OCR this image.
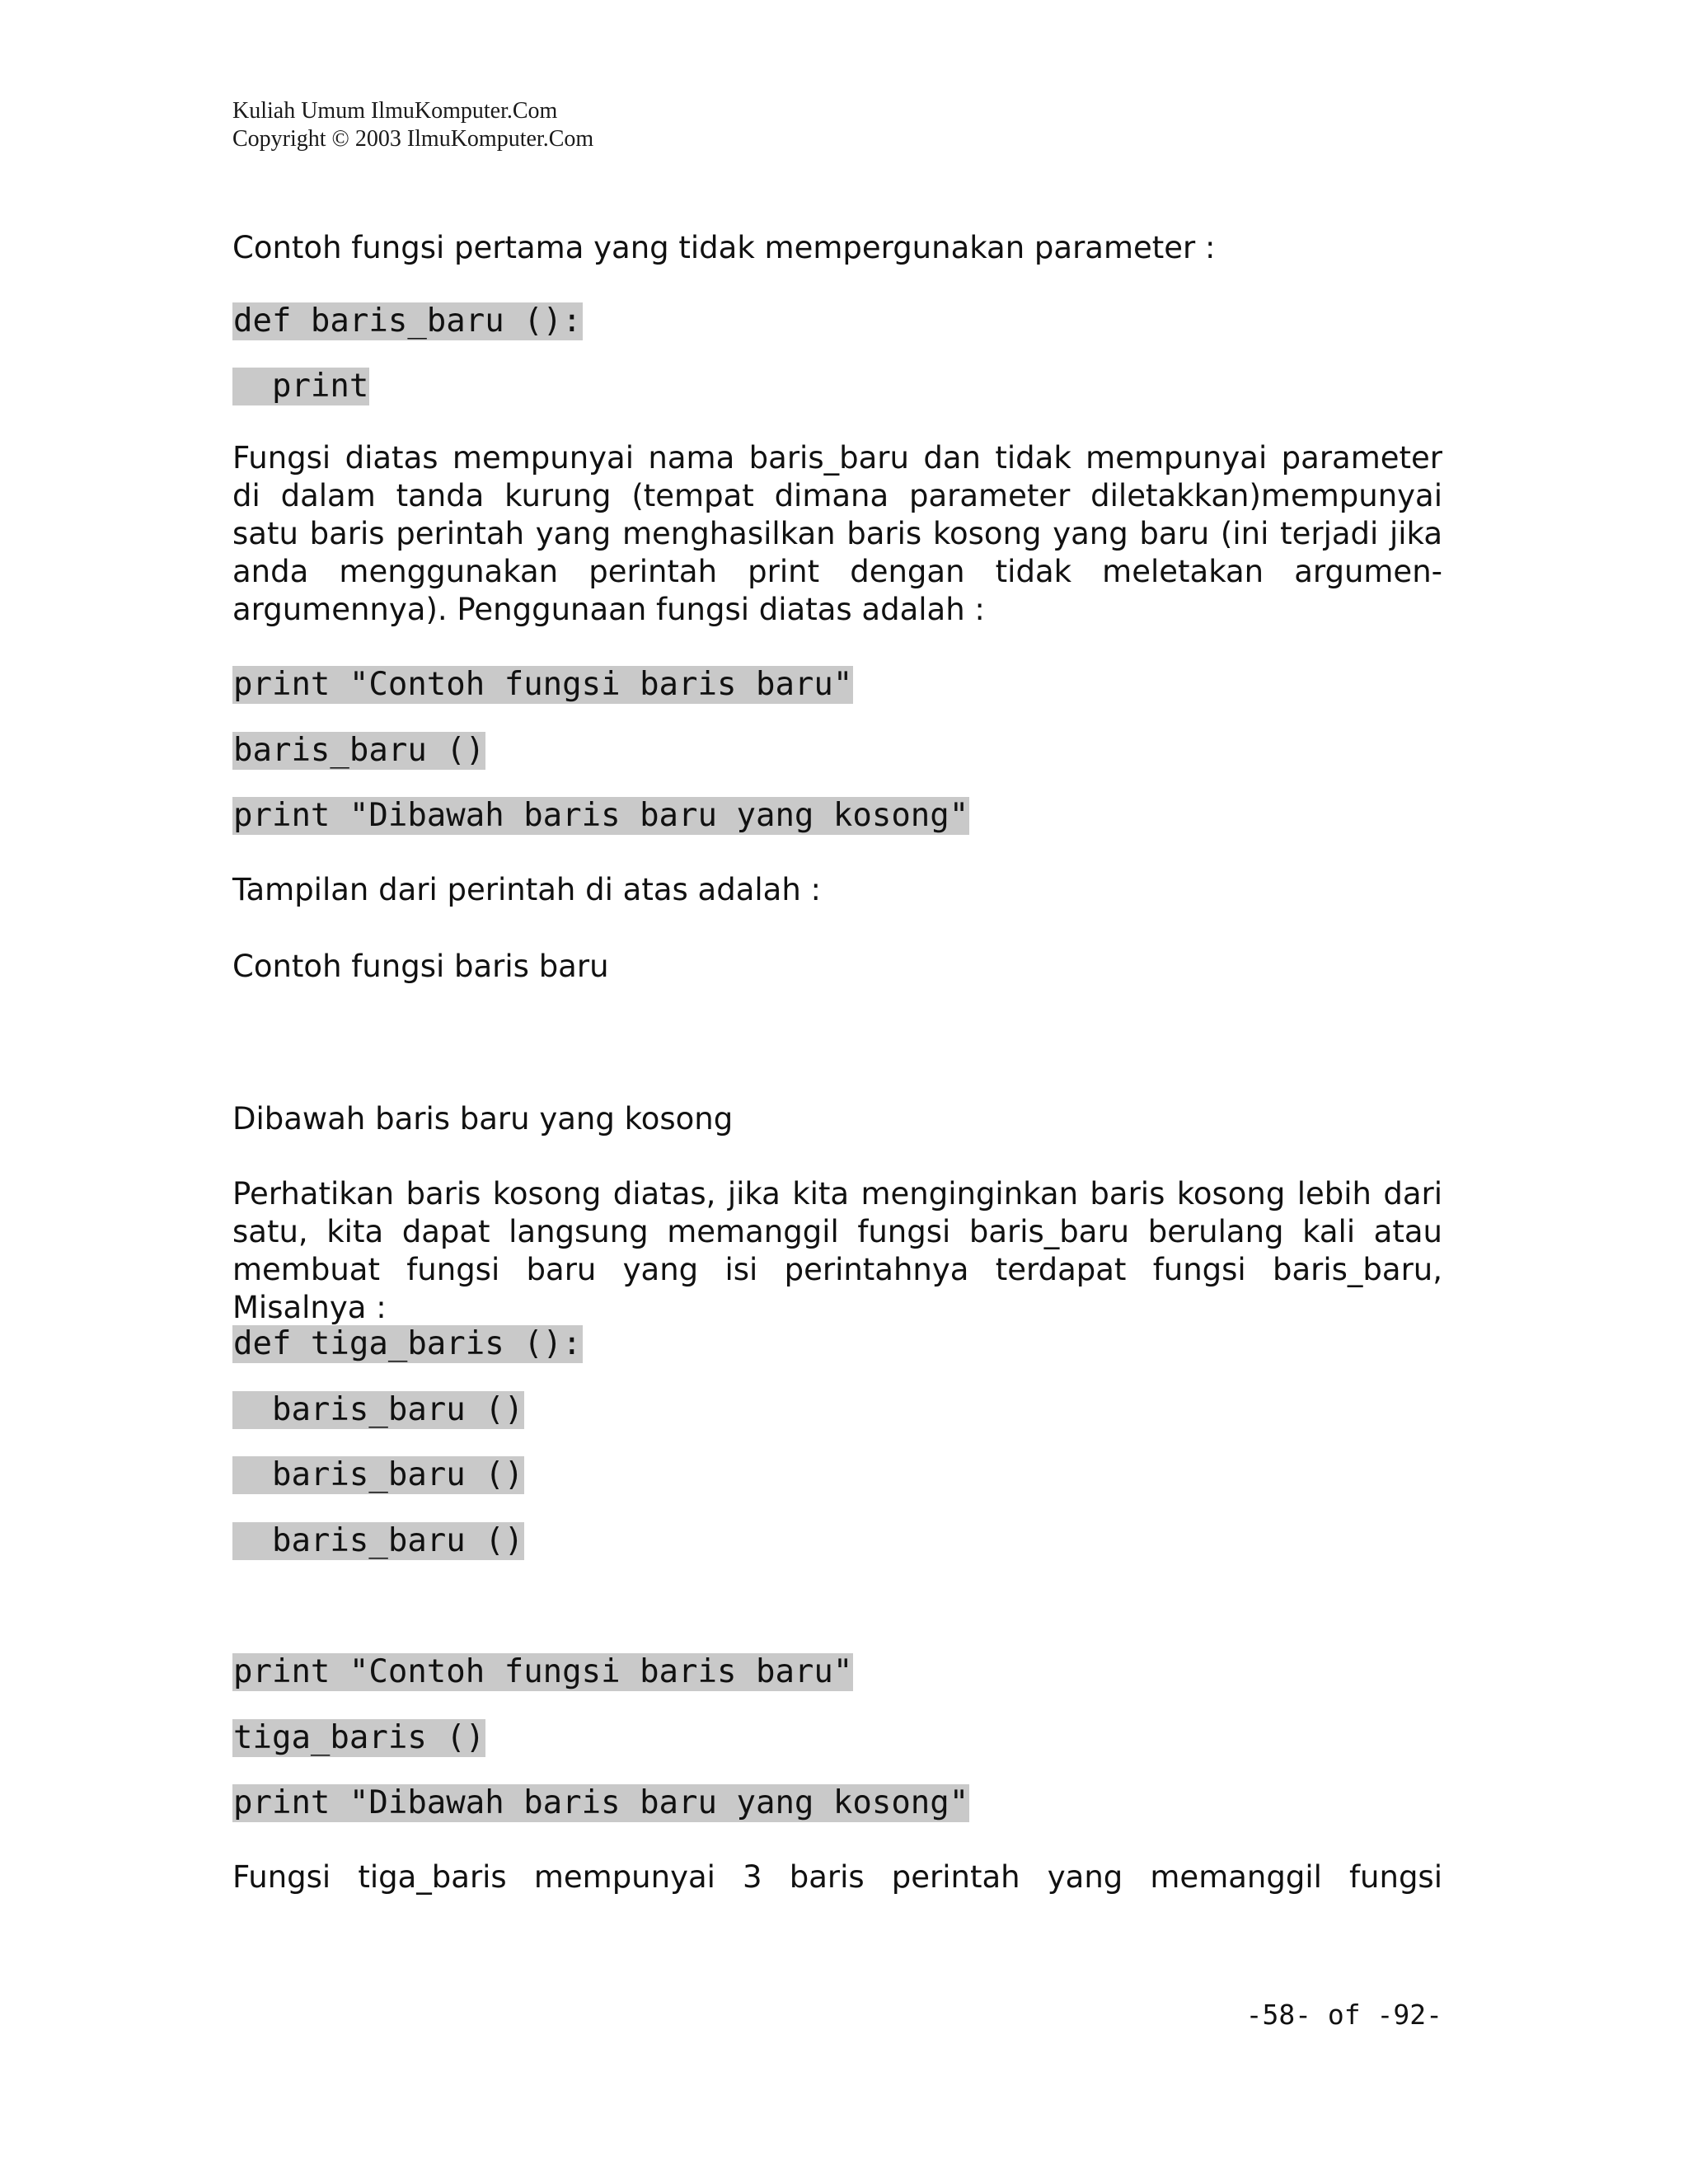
Kuliah Umum IlmuKomputer.Com
Copyright © 2003 IlmuKomputer.Com

Contoh fungsi pertama yang tidak mempergunakan parameter :

def baris_baru ():
print

Fungsi diatas mempunyai nama baris_baru dan tidak mempunyai parameter di dalam tanda kurung (tempat dimana parameter diletakkan)mempunyai satu baris perintah yang menghasilkan baris kosong yang baru (ini terjadi jika anda menggunakan perintah print dengan tidak meletakan argumen-argumennya). Penggunaan fungsi diatas adalah :

print "Contoh fungsi baris baru"
baris_baru ()
print "Dibawah baris baru yang kosong"

Tampilan dari perintah di atas adalah :

Contoh fungsi baris baru

Dibawah baris baru yang kosong

Perhatikan baris kosong diatas, jika kita menginginkan baris kosong lebih dari satu, kita dapat langsung memanggil fungsi baris_baru berulang kali atau membuat fungsi baru yang isi perintahnya terdapat fungsi baris_baru, Misalnya :

def tiga_baris ():
baris_baru ()
baris_baru ()
baris_baru ()
print "Contoh fungsi baris baru"
tiga_baris ()
print "Dibawah baris baru yang kosong"

Fungsi tiga_baris mempunyai 3 baris perintah yang memanggil fungsi

-58- of -92-
